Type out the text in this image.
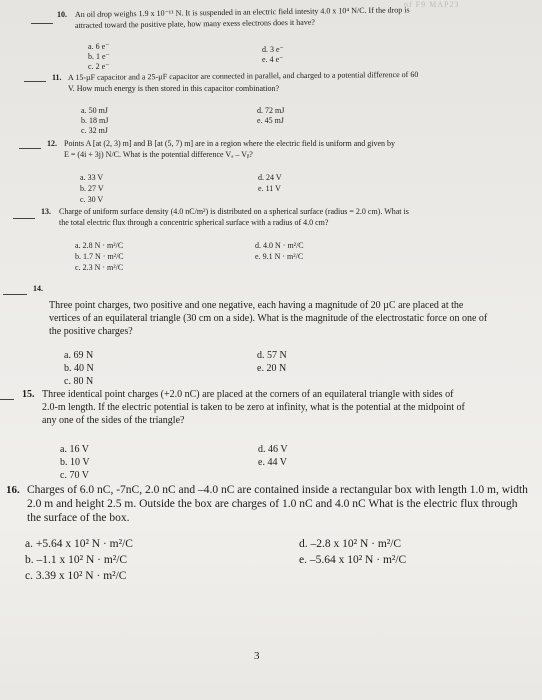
of F9 MAP23
10. An oil drop weighs 1.9 x 10⁻¹¹ N. It is suspended in an electric field intesity 4.0 x 10⁴ N/C. If the drop is
attracted toward the positive plate, how many exess electrons does it have?
a. 6 e⁻
b. 1 e⁻
c. 2 e⁻
d. 3 e⁻
e. 4 e⁻
11. A 15-µF capacitor and a 25-µF capacitor are connected in parallel, and charged to a potential difference of 60
V. How much energy is then stored in this capacitor combination?
a. 50 mJ
b. 18 mJ
c. 32 mJ
d. 72 mJ
e. 45 mJ
12. Points A [at (2, 3) m] and B [at (5, 7) m] are in a region where the electric field is uniform and given by
E = (4i + 3j) N/C. What is the potential difference Vₐ – Vᵦ?
a. 33 V
b. 27 V
c. 30 V
d. 24 V
e. 11 V
13. Charge of uniform surface density (4.0 nC/m²) is distributed on a spherical surface (radius = 2.0 cm). What is
the total electric flux through a concentric spherical surface with a radius of 4.0 cm?
a. 2.8 N · m²/C
b. 1.7 N · m²/C
c. 2.3 N · m²/C
d. 4.0 N · m²/C
e. 9.1 N · m²/C
14.
Three point charges, two positive and one negative, each having a magnitude of 20 µC are placed at the
vertices of an equilateral triangle (30 cm on a side). What is the magnitude of the electrostatic force on one of
the positive charges?
a. 69 N
b. 40 N
c. 80 N
d. 57 N
e. 20 N
15. Three identical point charges (+2.0 nC) are placed at the corners of an equilateral triangle with sides of
2.0-m length. If the electric potential is taken to be zero at infinity, what is the potential at the midpoint of
any one of the sides of the triangle?
a. 16 V
b. 10 V
c. 70 V
d. 46 V
e. 44 V
16. Charges of 6.0 nC, -7nC, 2.0 nC and –4.0 nC are contained inside a rectangular box with length 1.0 m, width
2.0 m and height 2.5 m. Outside the box are charges of 1.0 nC and 4.0 nC What is the electric flux through
the surface of the box.
a. +5.64 x 10² N · m²/C
b. –1.1 x 10² N · m²/C
c. 3.39 x 10² N · m²/C
d. –2.8 x 10² N · m²/C
e. –5.64 x 10² N · m²/C
3
